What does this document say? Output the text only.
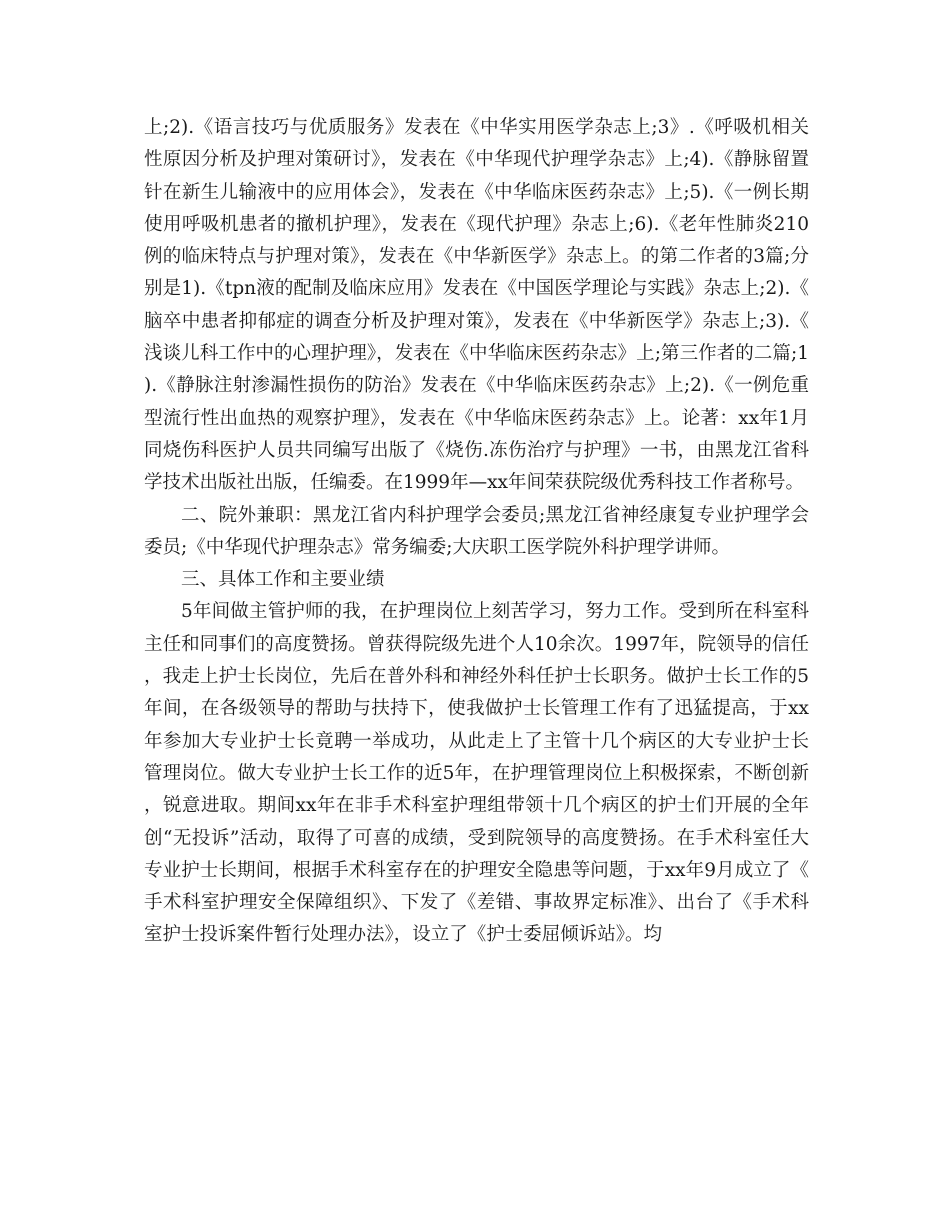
上;2).《语言技巧与优质服务》发表在《中华实用医学杂志上;3》.《呼吸机相关性原因分析及护理对策研讨》，发表在《中华现代护理学杂志》上;4).《静脉留置针在新生儿输液中的应用体会》，发表在《中华临床医药杂志》上;5).《一例长期使用呼吸机患者的撤机护理》，发表在《现代护理》杂志上;6).《老年性肺炎210例的临床特点与护理对策》，发表在《中华新医学》杂志上。的第二作者的3篇;分别是1).《tpn液的配制及临床应用》发表在《中国医学理论与实践》杂志上;2).《脑卒中患者抑郁症的调查分析及护理对策》，发表在《中华新医学》杂志上;3).《浅谈儿科工作中的心理护理》，发表在《中华临床医药杂志》上;第三作者的二篇;1).《静脉注射渗漏性损伤的防治》发表在《中华临床医药杂志》上;2).《一例危重型流行性出血热的观察护理》，发表在《中华临床医药杂志》上。论著：xx年1月同烧伤科医护人员共同编写出版了《烧伤.冻伤治疗与护理》一书，由黑龙江省科学技术出版社出版，任编委。在1999年—xx年间荣获院级优秀科技工作者称号。

二、院外兼职：黑龙江省内科护理学会委员;黑龙江省神经康复专业护理学会委员;《中华现代护理杂志》常务编委;大庆职工医学院外科护理学讲师。

三、具体工作和主要业绩

5年间做主管护师的我，在护理岗位上刻苦学习，努力工作。受到所在科室科主任和同事们的高度赞扬。曾获得院级先进个人10余次。1997年，院领导的信任，我走上护士长岗位，先后在普外科和神经外科任护士长职务。做护士长工作的5年间，在各级领导的帮助与扶持下，使我做护士长管理工作有了迅猛提高，于xx年参加大专业护士长竟聘一举成功，从此走上了主管十几个病区的大专业护士长管理岗位。做大专业护士长工作的近5年，在护理管理岗位上积极探索，不断创新，锐意进取。期间xx年在非手术科室护理组带领十几个病区的护士们开展的全年创“无投诉”活动，取得了可喜的成绩，受到院领导的高度赞扬。在手术科室任大专业护士长期间，根据手术科室存在的护理安全隐患等问题，于xx年9月成立了《手术科室护理安全保障组织》、下发了《差错、事故界定标准》、出台了《手术科室护士投诉案件暂行处理办法》，设立了《护士委屈倾诉站》。均
